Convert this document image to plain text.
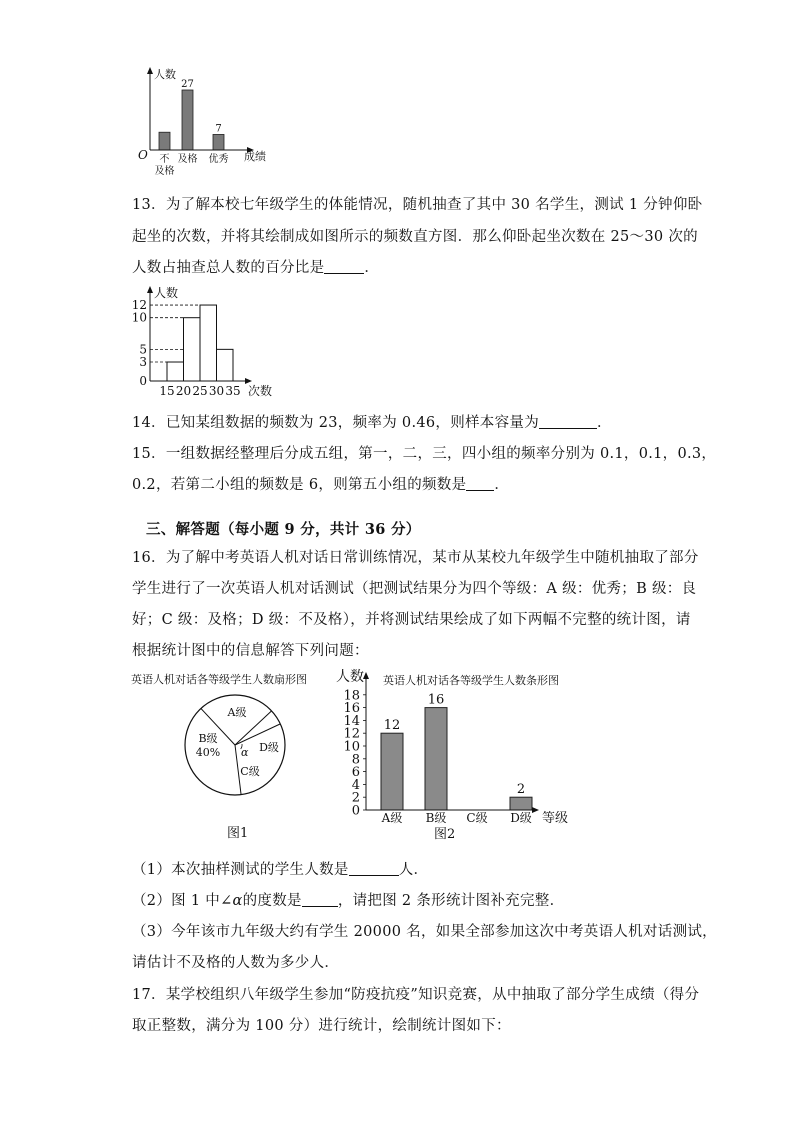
人数
O	成绩
不
及格
27
及格
7
优秀
13．为了解本校七年级学生的体能情况，随机抽查了其中 30 名学生，测试 1 分钟仰卧
起坐的次数，并将其绘制成如图所示的频数直方图．那么仰卧起坐次数在 25～30 次的
人数占抽查总人数的百分比是	．
人数
次数
0
3
5
10
12
15 20 25 30 35
14．已知某组数据的频数为 23，频率为 0.46，则样本容量为	．
15．一组数据经整理后分成五组，第一，二，三，四小组的频率分别为 0.1，0.1，0.3，
0.2，若第二小组的频数是 6，则第五小组的频数是 ．
三、解答题（每小题 9 分，共计 36 分）
16．为了解中考英语人机对话日常训练情况，某市从某校九年级学生中随机抽取了部分
学生进行了一次英语人机对话测试（把测试结果分为四个等级：A 级：优秀；B 级：良
好；C 级：及格；D 级：不及格），并将测试结果绘成了如下两幅不完整的统计图，请
根据统计图中的信息解答下列问题：
英语人机对话各等级学生人数扇形图
A级
B级
40%
C级
D级
α
图1
英语人机对话各等级学生人数条形图
人数
等级
图2
0
2
4
6
8
10
12
14
16
18
A级
12
B级
16
C级 D级
2
（1）本次抽样测试的学生人数是	人．
（2）图 1 中∠α的度数是 ，请把图 2 条形统计图补充完整．
（3）今年该市九年级大约有学生 20000 名，如果全部参加这次中考英语人机对话测试，
请估计不及格的人数为多少人．
17．某学校组织八年级学生参加“防疫抗疫”知识竞赛，从中抽取了部分学生成绩（得分
取正整数，满分为 100 分）进行统计，绘制统计图如下：
